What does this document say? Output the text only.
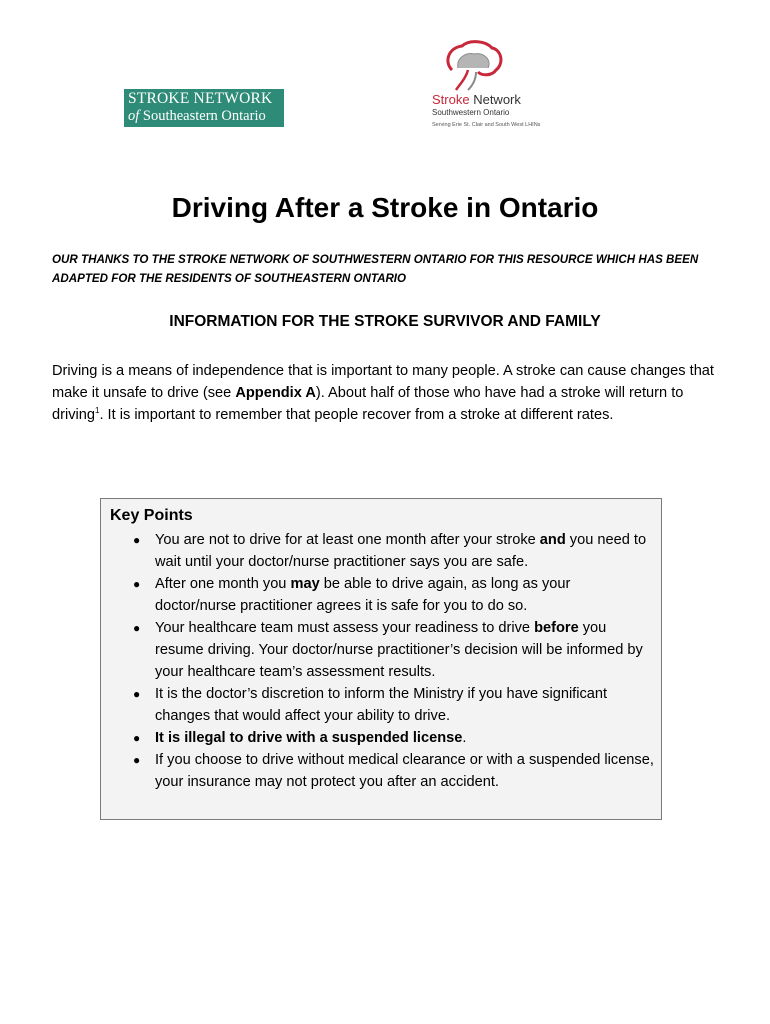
STROKE NETWORK
of Southeastern Ontario
Stroke Network
Southwestern Ontario
Serving Erie St. Clair and South West LHINs
Driving After a Stroke in Ontario

OUR THANKS TO THE STROKE NETWORK OF SOUTHWESTERN ONTARIO FOR THIS RESOURCE WHICH HAS BEEN ADAPTED FOR THE RESIDENTS OF SOUTHEASTERN ONTARIO

INFORMATION FOR THE STROKE SURVIVOR AND FAMILY

Driving is a means of independence that is important to many people. A stroke can cause changes that make it unsafe to drive (see Appendix A). About half of those who have had a stroke will return to driving$^1$. It is important to remember that people recover from a stroke at different rates.

Key Points
● You are not to drive for at least one month after your stroke and you need to wait until your doctor/nurse practitioner says you are safe.
● After one month you may be able to drive again, as long as your doctor/nurse practitioner agrees it is safe for you to do so.
● Your healthcare team must assess your readiness to drive before you resume driving. Your doctor/nurse practitioner’s decision will be informed by your healthcare team’s assessment results.
● It is the doctor’s discretion to inform the Ministry if you have significant changes that would affect your ability to drive.
● It is illegal to drive with a suspended license.
● If you choose to drive without medical clearance or with a suspended license, your insurance may not protect you after an accident.
